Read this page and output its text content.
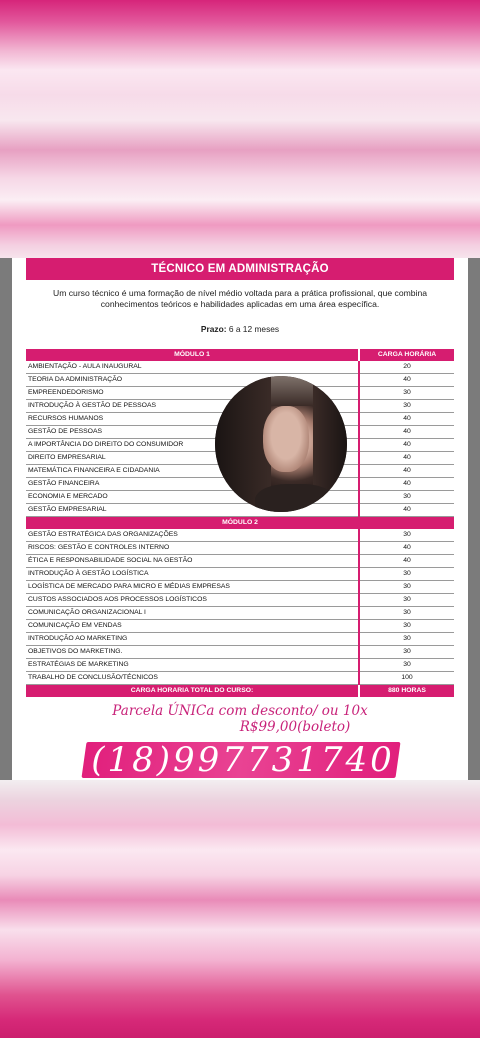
TÉCNICO EM ADMINISTRAÇÃO
Um curso técnico é uma formação de nível médio voltada para a prática profissional, que combina conhecimentos teóricos e habilidades aplicadas em uma área específica.
Prazo: 6 a 12 meses
MÓDULO 1	CARGA HORÁRIA
AMBIENTAÇÃO - AULA INAUGURAL	20
TEORIA DA ADMINISTRAÇÃO	40
EMPREENDEDORISMO	30
INTRODUÇÃO À GESTÃO DE PESSOAS	30
RECURSOS HUMANOS	40
GESTÃO DE PESSOAS	40
A IMPORTÂNCIA DO DIREITO DO CONSUMIDOR	40
DIREITO EMPRESARIAL	40
MATEMÁTICA FINANCEIRA E CIDADANIA	40
GESTÃO FINANCEIRA	40
ECONOMIA E MERCADO	30
GESTÃO EMPRESARIAL	40
MÓDULO 2	
GESTÃO ESTRATÉGICA DAS ORGANIZAÇÕES	30
RISCOS: GESTÃO E CONTROLES INTERNO	40
ÉTICA E RESPONSABILIDADE SOCIAL NA GESTÃO	40
INTRODUÇÃO À GESTÃO LOGÍSTICA	30
LOGÍSTICA DE MERCADO PARA MICRO E MÉDIAS EMPRESAS	30
CUSTOS ASSOCIADOS AOS PROCESSOS LOGÍSTICOS	30
COMUNICAÇÃO ORGANIZACIONAL I	30
COMUNICAÇÃO EM VENDAS	30
INTRODUÇÃO AO MARKETING	30
OBJETIVOS DO MARKETING.	30
ESTRATÉGIAS DE MARKETING	30
TRABALHO DE CONCLUSÃO/TÉCNICOS	100
CARGA HORARIA TOTAL DO CURSO:	880 HORAS
Parcela ÚNICa com desconto/ ou 10x
R$99,00(boleto)
(18)997731740
